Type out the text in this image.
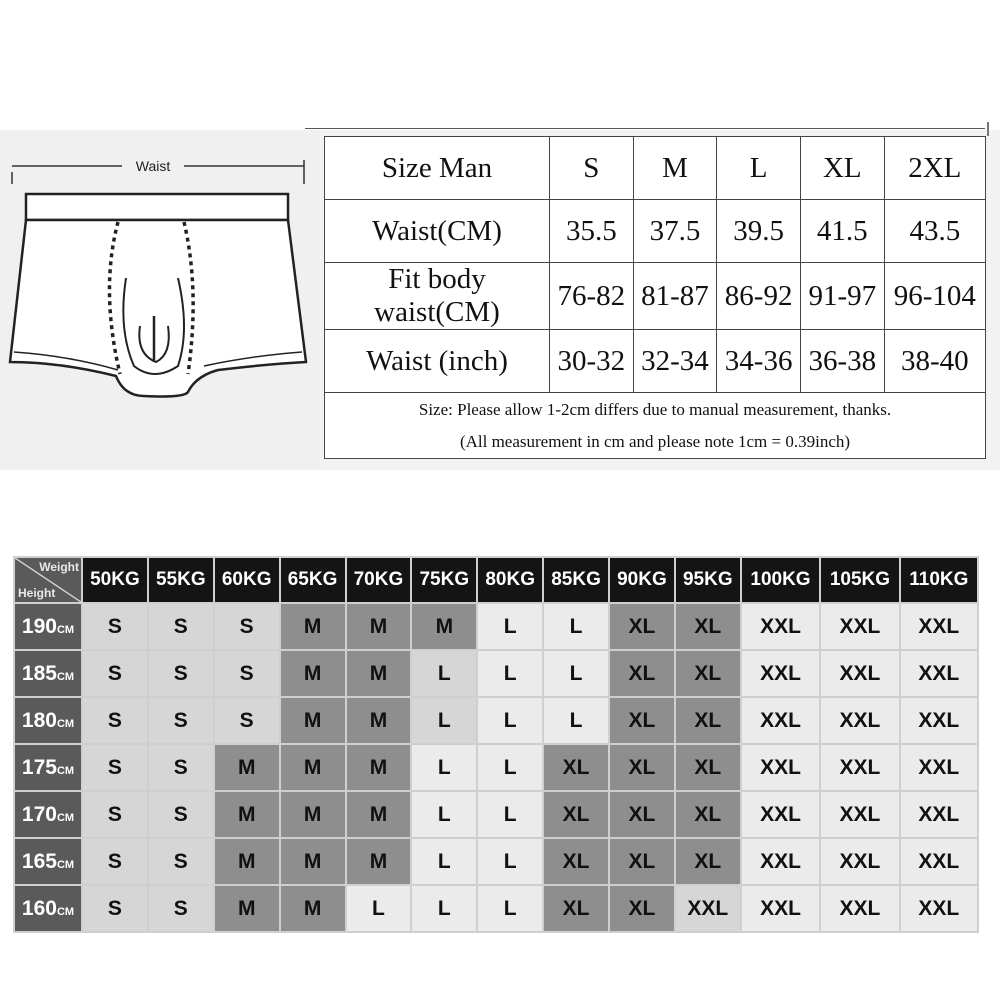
Waist	Size Man	S	M	L	XL	2XL
Waist(CM)	35.5	37.5	39.5	41.5	43.5
Fit body waist(CM)	76-82	81-87	86-92	91-97	96-104
Waist (inch)	30-32	32-34	34-36	36-38	38-40

Size: Please allow 1-2cm differs due to manual measurement, thanks.
(All measurement in cm and please note 1cm = 0.39inch)					
Weight
Height	50KG	55KG	60KG	65KG	70KG	75KG	80KG	85KG	90KG	95KG	100KG	105KG	110KG
190CM	S	S	S	M	M	M	L	L	XL	XL	XXL	XXL	XXL
185CM	S	S	S	M	M	L	L	L	XL	XL	XXL	XXL	XXL
180CM	S	S	S	M	M	L	L	L	XL	XL	XXL	XXL	XXL
175CM	S	S	M	M	M	L	L	XL	XL	XL	XXL	XXL	XXL
170CM	S	S	M	M	M	L	L	XL	XL	XL	XXL	XXL	XXL
165CM	S	S	M	M	M	L	L	XL	XL	XL	XXL	XXL	XXL
160CM	S	S	M	M	L	L	L	XL	XL	XXL	XXL	XXL	XXL
